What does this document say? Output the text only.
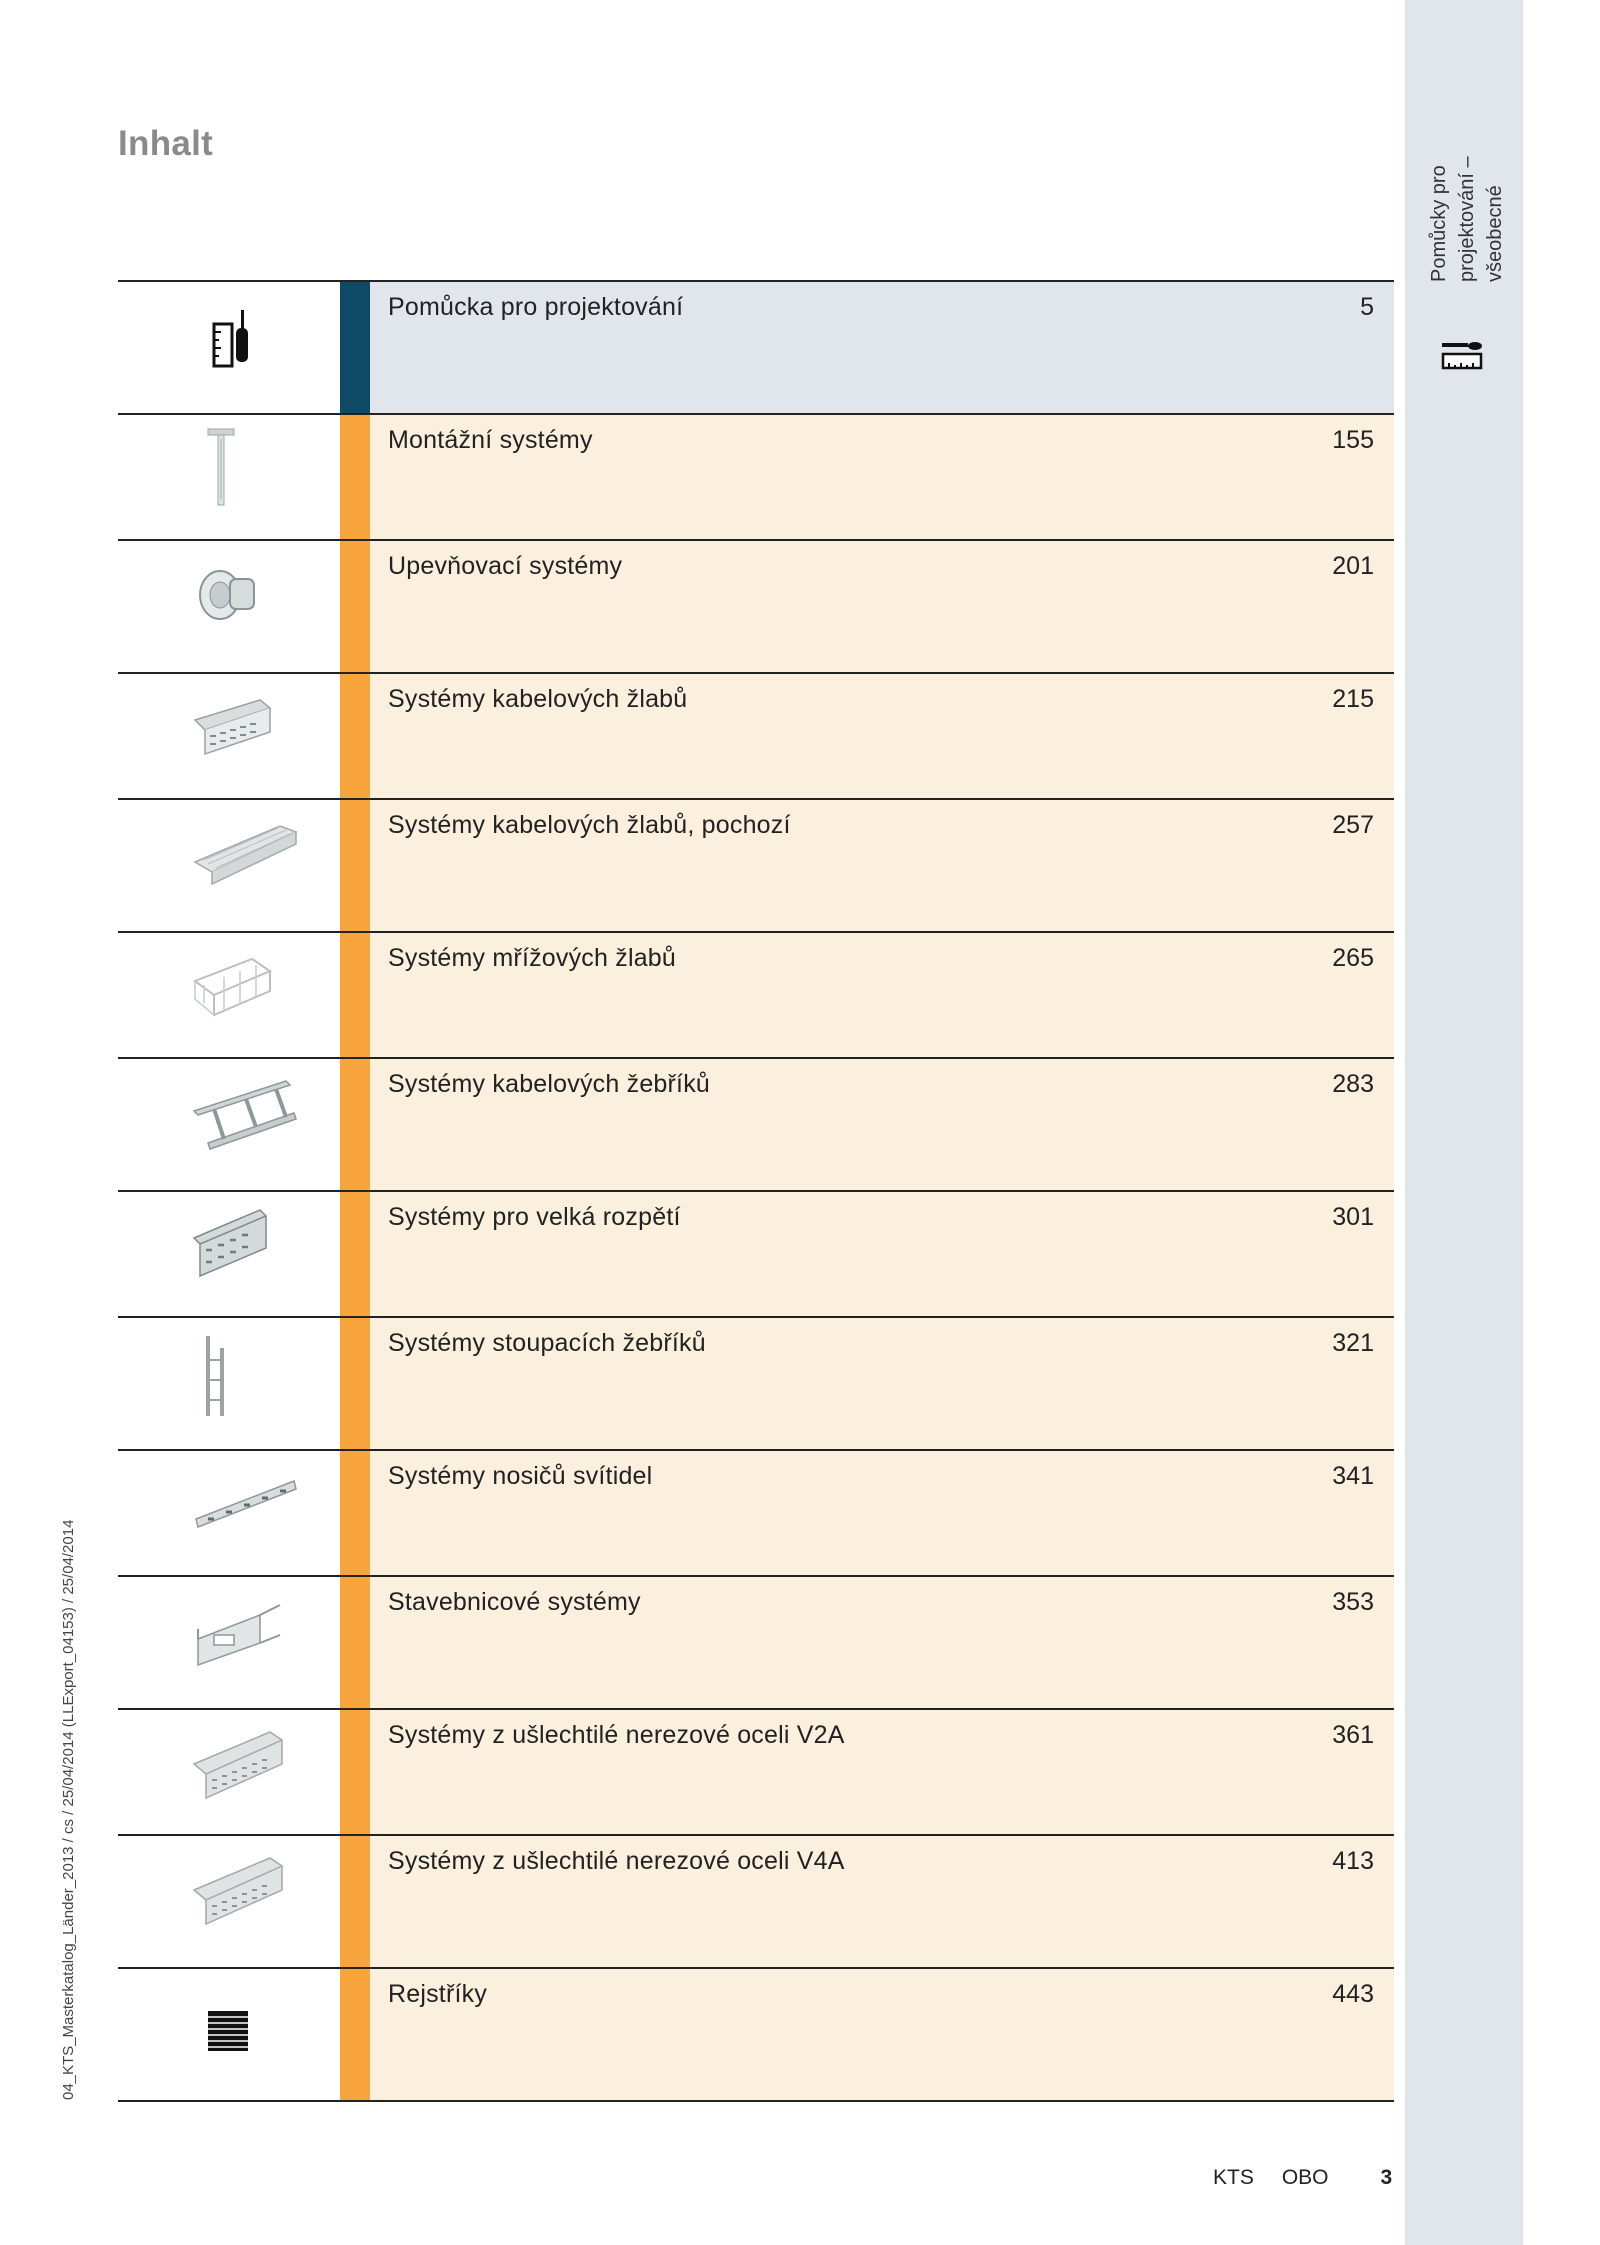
Pomůcky pro projektování – všeobecné
04_KTS_Masterkatalog_Länder_2013 / cs / 25/04/2014 (LLExport_04153) / 25/04/2014
Inhalt
Pomůcka pro projektování	5
Montážní systémy	155
Upevňovací systémy	201
Systémy kabelových žlabů	215
Systémy kabelových žlabů, pochozí	257
Systémy mřížových žlabů	265
Systémy kabelových žebříků	283
Systémy pro velká rozpětí	301
Systémy stoupacích žebříků	321
Systémy nosičů svítidel	341
Stavebnicové systémy	353
Systémy z ušlechtilé nerezové oceli V2A	361
Systémy z ušlechtilé nerezové oceli V4A	413
Rejstříky	443
KTS OBO 3
